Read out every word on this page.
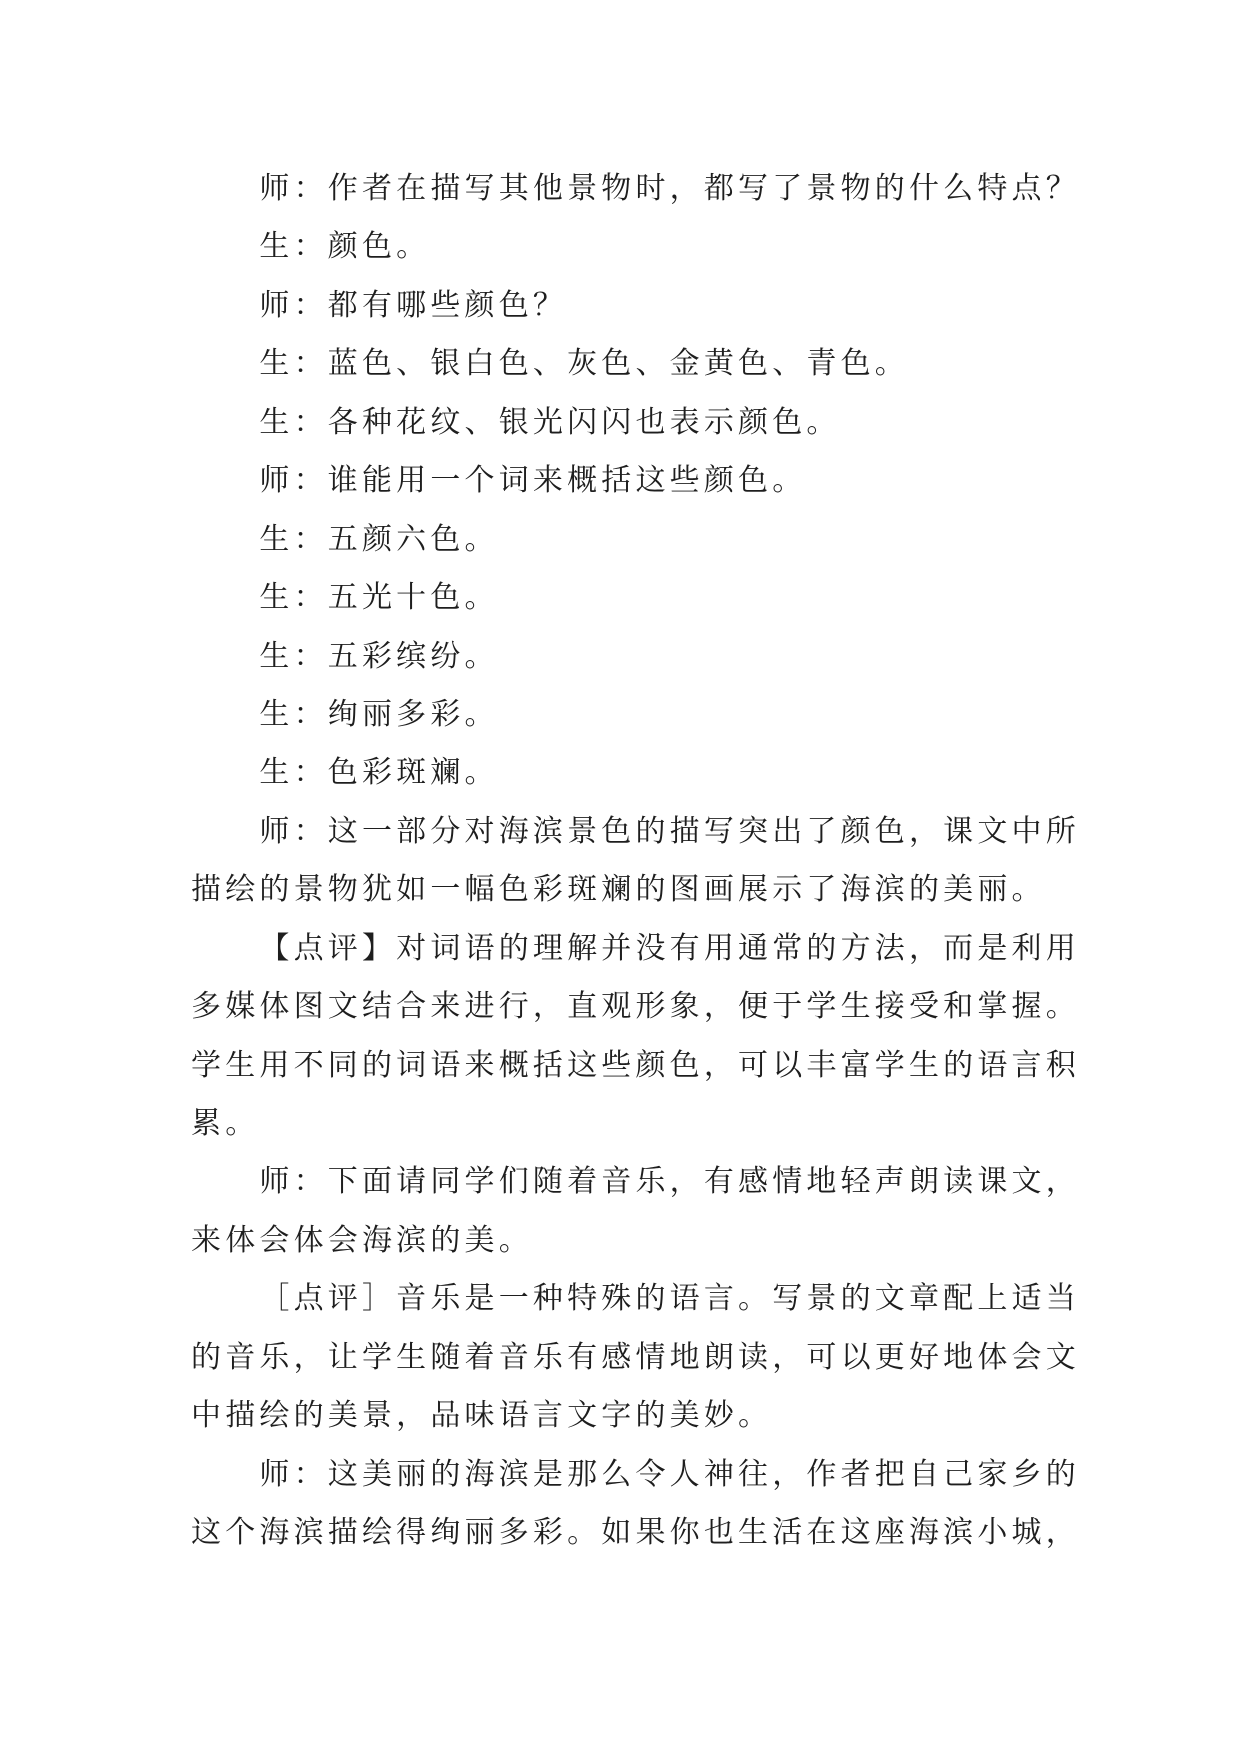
师 ： 作 者 在 描 写 其 他 景 物 时 ， 都 写 了 景 物 的 什 么 特 点 ？
生 ： 颜 色 。
师 ： 都 有 哪 些 颜 色 ？
生 ： 蓝 色 、 银 白 色 、 灰 色 、 金 黄 色 、 青 色 。
生 ： 各 种 花 纹 、 银 光 闪 闪 也 表 示 颜 色 。
师 ： 谁 能 用 一 个 词 来 概 括 这 些 颜 色 。
生 ： 五 颜 六 色 。
生 ： 五 光 十 色 。
生 ： 五 彩 缤 纷 。
生 ： 绚 丽 多 彩 。
生 ： 色 彩 斑 斓 。
师 ： 这 一 部 分 对 海 滨 景 色 的 描 写 突 出 了 颜 色 ， 课 文 中 所
描 绘 的 景 物 犹 如 一 幅 色 彩 斑 斓 的 图 画 展 示 了 海 滨 的 美 丽 。
【 点 评 】 对 词 语 的 理 解 并 没 有 用 通 常 的 方 法 ， 而 是 利 用
多 媒 体 图 文 结 合 来 进 行 ， 直 观 形 象 ， 便 于 学 生 接 受 和 掌 握 。
学 生 用 不 同 的 词 语 来 概 括 这 些 颜 色 ， 可 以 丰 富 学 生 的 语 言 积
累 。
师 ： 下 面 请 同 学 们 随 着 音 乐 ， 有 感 情 地 轻 声 朗 读 课 文 ，
来 体 会 体 会 海 滨 的 美 。
［ 点 评 ］ 音 乐 是 一 种 特 殊 的 语 言 。 写 景 的 文 章 配 上 适 当
的 音 乐 ， 让 学 生 随 着 音 乐 有 感 情 地 朗 读 ， 可 以 更 好 地 体 会 文
中 描 绘 的 美 景 ， 品 味 语 言 文 字 的 美 妙 。
师 ： 这 美 丽 的 海 滨 是 那 么 令 人 神 往 ， 作 者 把 自 己 家 乡 的
这 个 海 滨 描 绘 得 绚 丽 多 彩 。 如 果 你 也 生 活 在 这 座 海 滨 小 城 ，
